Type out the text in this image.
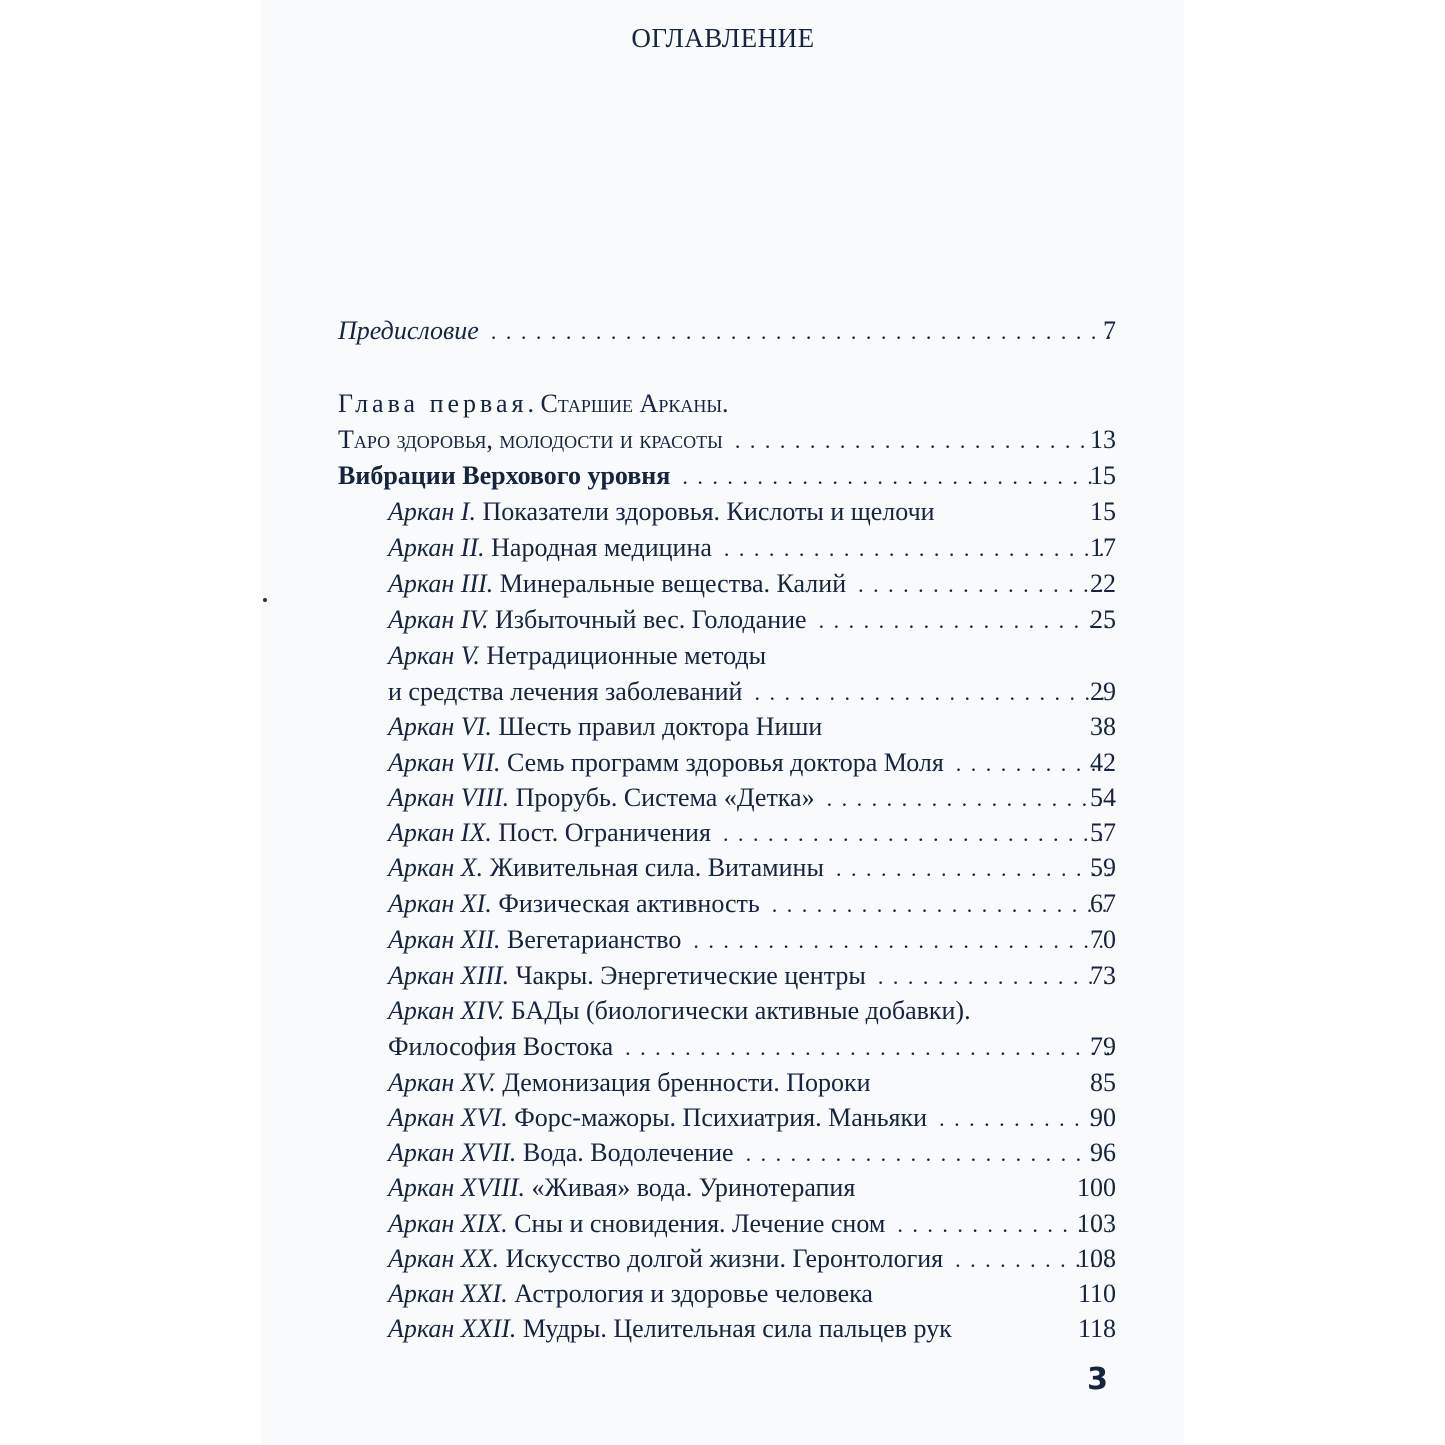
ОГЛАВЛЕНИЕ
Предисловие . . .	7
Глава первая . Старшие Арканы.
Таро здоровья, молодости и красоты . . .	13
Вибрации Верхового уровня . . .	15
Аркан I. Показатели здоровья. Кислоты и щелочи	15
Аркан II. Народная медицина . . .	17
Аркан III. Минеральные вещества. Калий . . .	22
Аркан IV. Избыточный вес. Голодание . . .	25
Аркан V. Нетрадиционные методы
и средства лечения заболеваний . . .	29
Аркан VI. Шесть правил доктора Ниши	38
Аркан VII. Семь программ здоровья доктора Моля . . .	42
Аркан VIII. Прорубь. Система «Детка» . . .	54
Аркан IX. Пост. Ограничения . . .	57
Аркан X. Живительная сила. Витамины . . .	59
Аркан XI. Физическая активность . . .	67
Аркан XII. Вегетарианство . . .	70
Аркан XIII. Чакры. Энергетические центры . . .	73
Аркан XIV. БАДы (биологически активные добавки).
Философия Востока . . .	79
Аркан XV. Демонизация бренности. Пороки	85
Аркан XVI. Форс-мажоры. Психиатрия. Маньяки . . .	90
Аркан XVII. Вода. Водолечение . . .	96
Аркан XVIII. «Живая» вода. Уринотерапия	100
Аркан XIX. Сны и сновидения. Лечение сном . . .	103
Аркан XX. Искусство долгой жизни. Геронтология . . .	108
Аркан XXI. Астрология и здоровье человека	110
Аркан XXII. Мудры. Целительная сила пальцев рук	118
3
